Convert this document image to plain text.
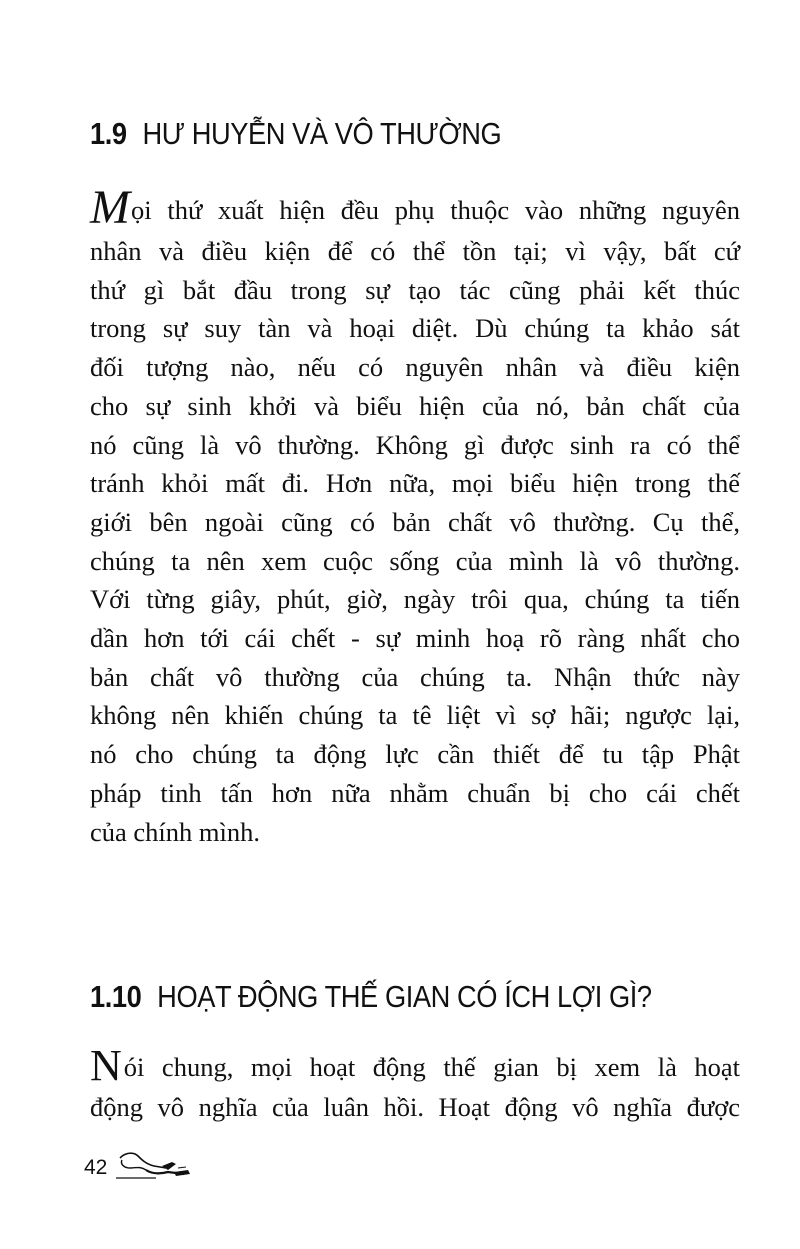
1.9 HƯ HUYỄN VÀ VÔ THƯỜNG
Mọi thứ xuất hiện đều phụ thuộc vào những nguyên
nhân và điều kiện để có thể tồn tại; vì vậy, bất cứ
thứ gì bắt đầu trong sự tạo tác cũng phải kết thúc
trong sự suy tàn và hoại diệt. Dù chúng ta khảo sát
đối tượng nào, nếu có nguyên nhân và điều kiện
cho sự sinh khởi và biểu hiện của nó, bản chất của
nó cũng là vô thường. Không gì được sinh ra có thể
tránh khỏi mất đi. Hơn nữa, mọi biểu hiện trong thế
giới bên ngoài cũng có bản chất vô thường. Cụ thể,
chúng ta nên xem cuộc sống của mình là vô thường.
Với từng giây, phút, giờ, ngày trôi qua, chúng ta tiến
dần hơn tới cái chết - sự minh hoạ rõ ràng nhất cho
bản chất vô thường của chúng ta. Nhận thức này
không nên khiến chúng ta tê liệt vì sợ hãi; ngược lại,
nó cho chúng ta động lực cần thiết để tu tập Phật
pháp tinh tấn hơn nữa nhằm chuẩn bị cho cái chết
của chính mình.
1.10 HOẠT ĐỘNG THẾ GIAN CÓ ÍCH LỢI GÌ?
Nói chung, mọi hoạt động thế gian bị xem là hoạt
động vô nghĩa của luân hồi. Hoạt động vô nghĩa được
42
